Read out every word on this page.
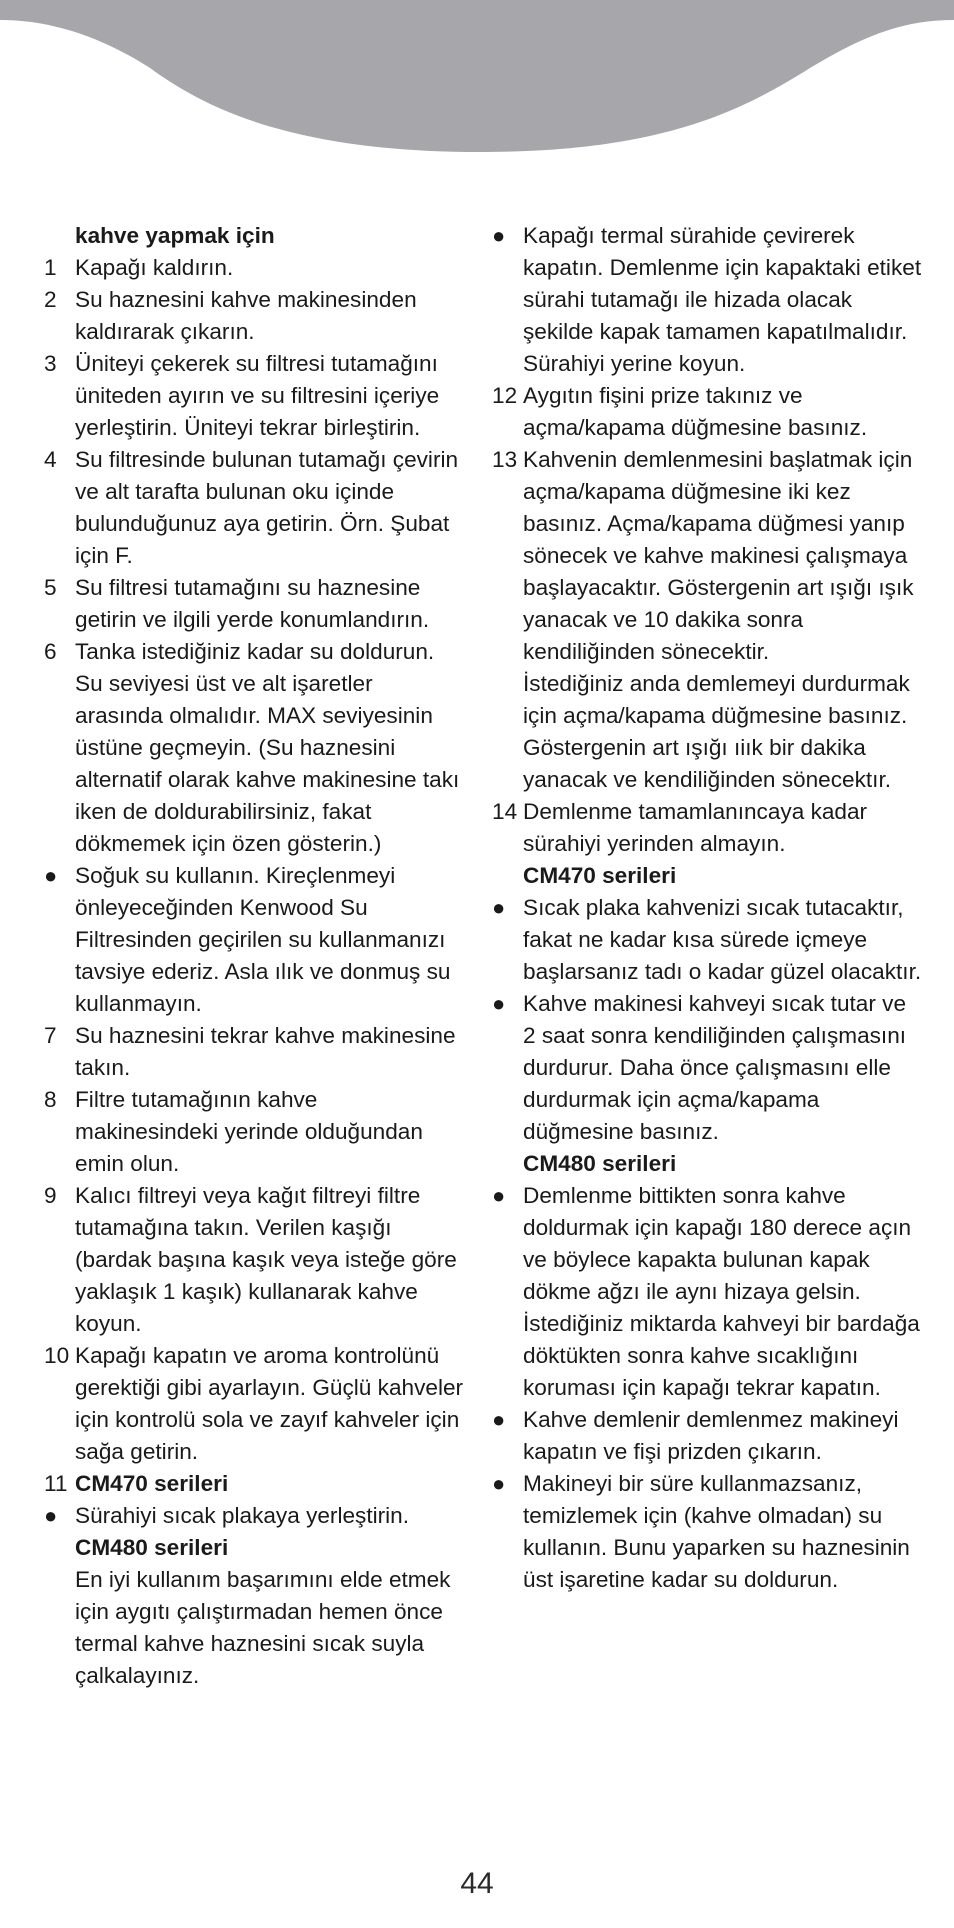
kahve yapmak için
1 Kapağı kaldırın.
2 Su haznesini kahve makinesinden kaldırarak çıkarın.
3 Üniteyi çekerek su filtresi tutamağını üniteden ayırın ve su filtresini içeriye yerleştirin. Üniteyi tekrar birleştirin.
4 Su filtresinde bulunan tutamağı çevirin ve alt tarafta bulunan oku içinde bulunduğunuz aya getirin. Örn. Şubat için F.
5 Su filtresi tutamağını su haznesine getirin ve ilgili yerde konumlandırın.
6 Tanka istediğiniz kadar su doldurun. Su seviyesi üst ve alt işaretler arasında olmalıdır. MAX seviyesinin üstüne geçmeyin. (Su haznesini alternatif olarak kahve makinesine takı iken de doldurabilirsiniz, fakat dökmemek için özen gösterin.)
● Soğuk su kullanın. Kireçlenmeyi önleyeceğinden Kenwood Su Filtresinden geçirilen su kullanmanızı tavsiye ederiz. Asla ılık ve donmuş su kullanmayın.
7 Su haznesini tekrar kahve makinesine takın.
8 Filtre tutamağının kahve makinesindeki yerinde olduğundan emin olun.
9 Kalıcı filtreyi veya kağıt filtreyi filtre tutamağına takın. Verilen kaşığı (bardak başına kaşık veya isteğe göre yaklaşık 1 kaşık) kullanarak kahve koyun.
10 Kapağı kapatın ve aroma kontrolünü gerektiği gibi ayarlayın. Güçlü kahveler için kontrolü sola ve zayıf kahveler için sağa getirin.
11 CM470 serileri
● Sürahiyi sıcak plakaya yerleştirin.
CM480 serileri
En iyi kullanım başarımını elde etmek için aygıtı çalıştırmadan hemen önce termal kahve haznesini sıcak suyla çalkalayınız.
● Kapağı termal sürahide çevirerek kapatın. Demlenme için kapaktaki etiket sürahi tutamağı ile hizada olacak şekilde kapak tamamen kapatılmalıdır. Sürahiyi yerine koyun.
12 Aygıtın fişini prize takınız ve açma/kapama düğmesine basınız.
13 Kahvenin demlenmesini başlatmak için açma/kapama düğmesine iki kez basınız. Açma/kapama düğmesi yanıp sönecek ve kahve makinesi çalışmaya başlayacaktır. Göstergenin art ışığı ışık yanacak ve 10 dakika sonra kendiliğinden sönecektir.
İstediğiniz anda demlemeyi durdurmak için açma/kapama düğmesine basınız. Göstergenin art ışığı ıiık bir dakika yanacak ve kendiliğinden sönecektır.
14 Demlenme tamamlanıncaya kadar sürahiyi yerinden almayın.
CM470 serileri
● Sıcak plaka kahvenizi sıcak tutacaktır, fakat ne kadar kısa sürede içmeye başlarsanız tadı o kadar güzel olacaktır.
● Kahve makinesi kahveyi sıcak tutar ve 2 saat sonra kendiliğinden çalışmasını durdurur. Daha önce çalışmasını elle durdurmak için açma/kapama düğmesine basınız.
CM480 serileri
● Demlenme bittikten sonra kahve doldurmak için kapağı 180 derece açın ve böylece kapakta bulunan kapak dökme ağzı ile aynı hizaya gelsin. İstediğiniz miktarda kahveyi bir bardağa döktükten sonra kahve sıcaklığını koruması için kapağı tekrar kapatın.
● Kahve demlenir demlenmez makineyi kapatın ve fişi prizden çıkarın.
● Makineyi bir süre kullanmazsanız, temizlemek için (kahve olmadan) su kullanın. Bunu yaparken su haznesinin üst işaretine kadar su doldurun.
44
